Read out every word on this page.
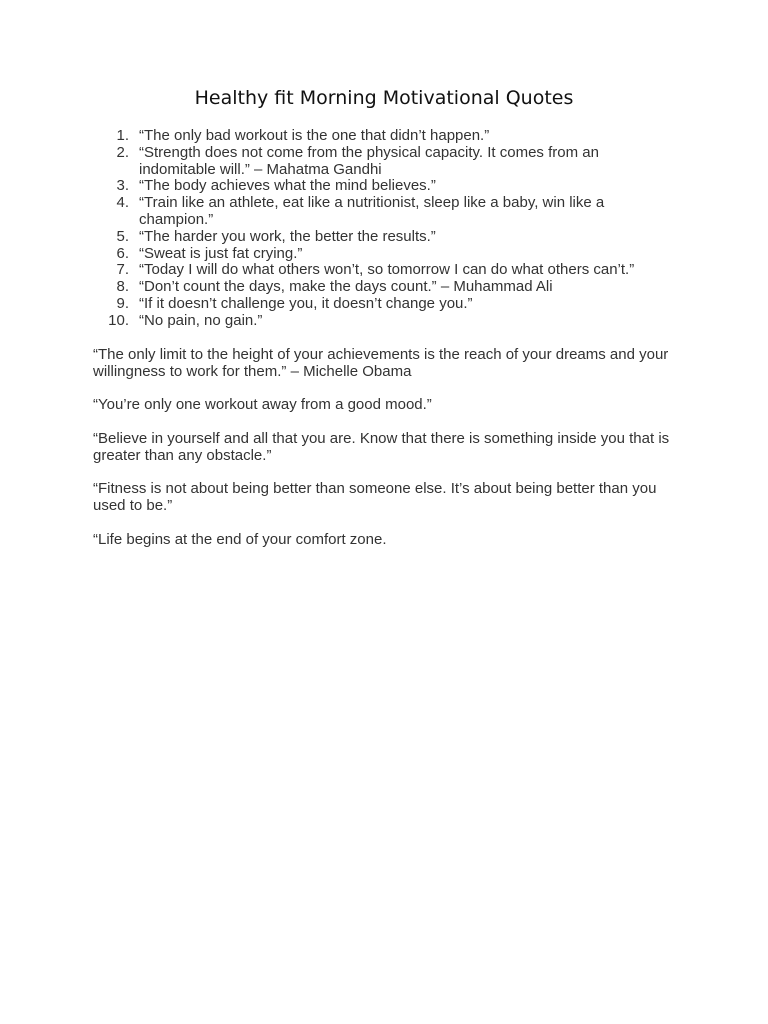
Healthy fit Morning Motivational Quotes
1. “The only bad workout is the one that didn’t happen.”
2. “Strength does not come from the physical capacity. It comes from an indomitable will.” – Mahatma Gandhi
3. “The body achieves what the mind believes.”
4. “Train like an athlete, eat like a nutritionist, sleep like a baby, win like a champion.”
5. “The harder you work, the better the results.”
6. “Sweat is just fat crying.”
7. “Today I will do what others won’t, so tomorrow I can do what others can’t.”
8. “Don’t count the days, make the days count.” – Muhammad Ali
9. “If it doesn’t challenge you, it doesn’t change you.”
10. “No pain, no gain.”

“The only limit to the height of your achievements is the reach of your dreams and your willingness to work for them.” – Michelle Obama

“You’re only one workout away from a good mood.”

“Believe in yourself and all that you are. Know that there is something inside you that is greater than any obstacle.”

“Fitness is not about being better than someone else. It’s about being better than you used to be.”

“Life begins at the end of your comfort zone.
